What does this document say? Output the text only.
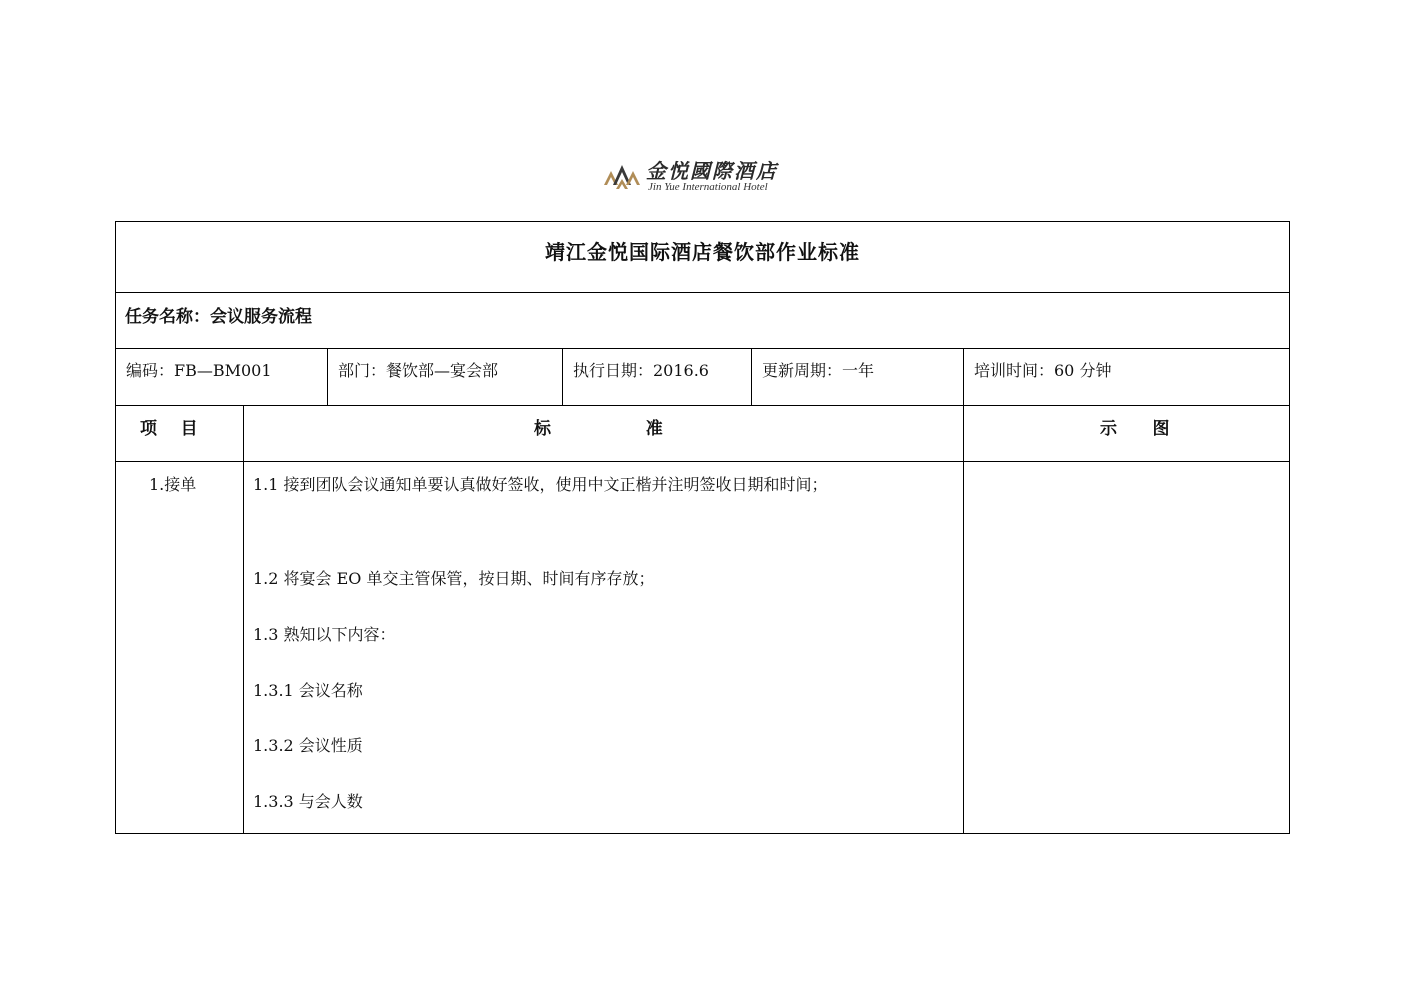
金悦國際酒店
Jin Yue International Hotel
靖江金悦国际酒店餐饮部作业标准
任务名称：会议服务流程
编码：FB—BM001	部门：餐饮部—宴会部	执行日期：2016.6	更新周期：一年	培训时间：60 分钟
项    目	标                准	示      图
1.接单	1.1 接到团队会议通知单要认真做好签收，使用中文正楷并注明签收日期和时间；
1.2 将宴会 EO 单交主管保管，按日期、时间有序存放；
1.3 熟知以下内容：
1.3.1 会议名称
1.3.2 会议性质
1.3.3 与会人数
